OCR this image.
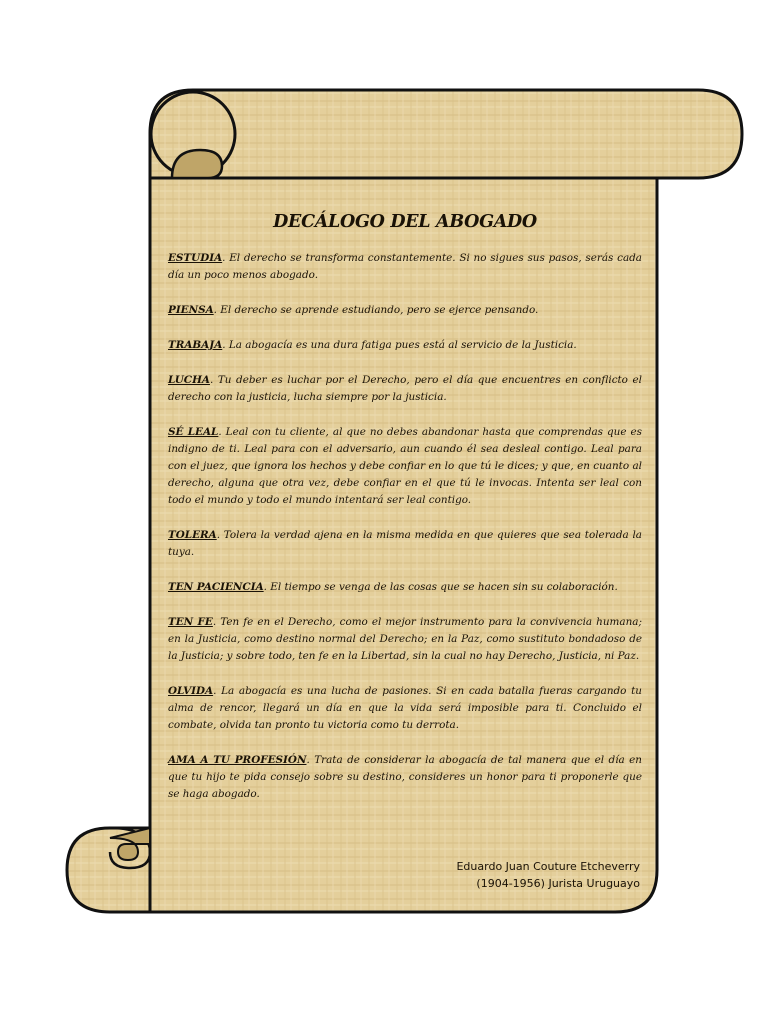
DECÁLOGO DEL ABOGADO

ESTUDIA. El derecho se transforma constantemente. Si no sigues sus pasos, serás cada día un poco menos abogado.

PIENSA. El derecho se aprende estudiando, pero se ejerce pensando.

TRABAJA. La abogacía es una dura fatiga pues está al servicio de la Justicia.

LUCHA. Tu deber es luchar por el Derecho, pero el día que encuentres en conflicto el derecho con la justicia, lucha siempre por la justicia.

SÉ LEAL. Leal con tu cliente, al que no debes abandonar hasta que comprendas que es indigno de ti. Leal para con el adversario, aun cuando él sea desleal contigo. Leal para con el juez, que ignora los hechos y debe confiar en lo que tú le dices; y que, en cuanto al derecho, alguna que otra vez, debe confiar en el que tú le invocas. Intenta ser leal con todo el mundo y todo el mundo intentará ser leal contigo.

TOLERA. Tolera la verdad ajena en la misma medida en que quieres que sea tolerada la tuya.

TEN PACIENCIA. El tiempo se venga de las cosas que se hacen sin su colaboración.

TEN FE. Ten fe en el Derecho, como el mejor instrumento para la convivencia humana; en la Justicia, como destino normal del Derecho; en la Paz, como sustituto bondadoso de la Justicia; y sobre todo, ten fe en la Libertad, sin la cual no hay Derecho, Justicia, ni Paz.

OLVIDA. La abogacía es una lucha de pasiones. Si en cada batalla fueras cargando tu alma de rencor, llegará un día en que la vida será imposible para ti. Concluido el combate, olvida tan pronto tu victoria como tu derrota.

AMA A TU PROFESIÓN. Trata de considerar la abogacía de tal manera que el día en que tu hijo te pida consejo sobre su destino, consideres un honor para ti proponerle que se haga abogado.

Eduardo Juan Couture Etcheverry
(1904-1956) Jurista Uruguayo
